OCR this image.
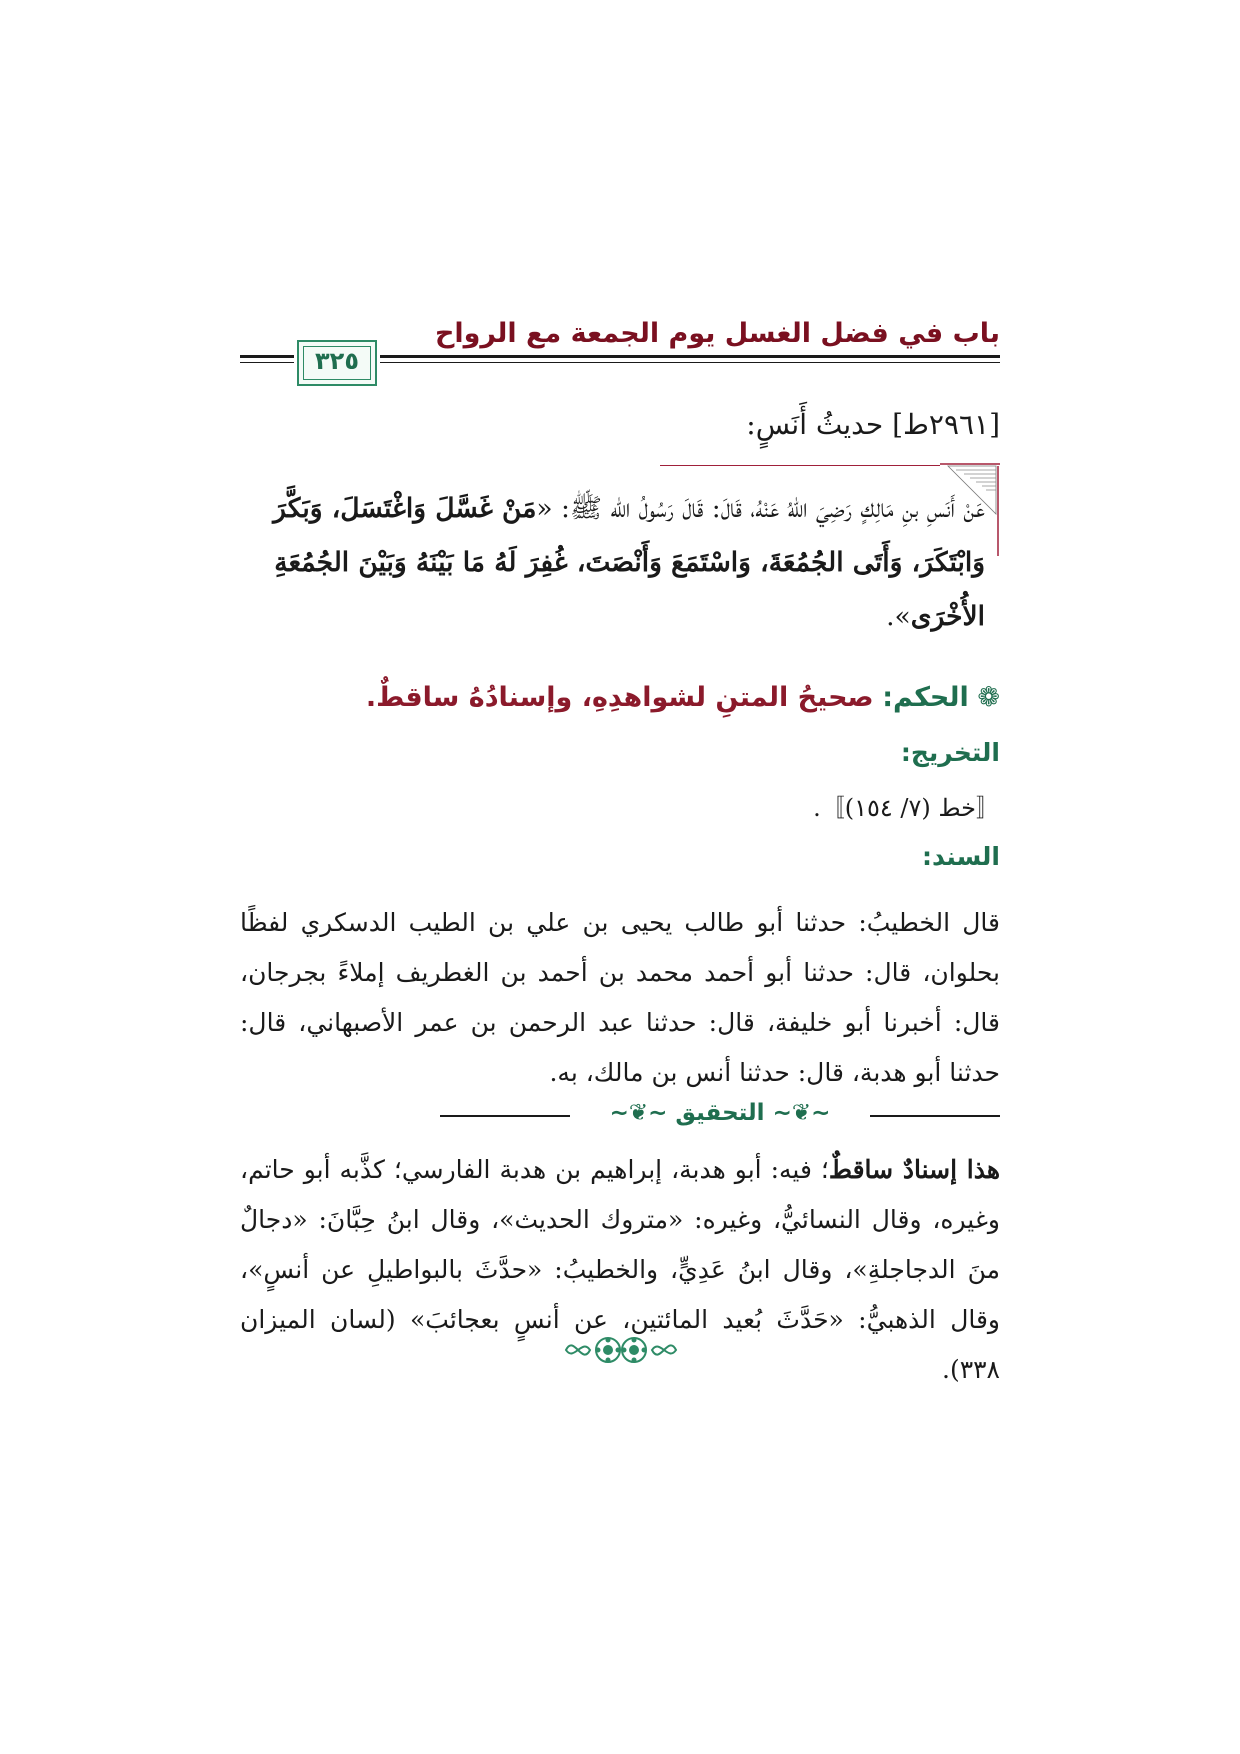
باب في فضل الغسل يوم الجمعة مع الرواح
٣٢٥
[٢٩٦١ط] حديثُ أَنَسٍ:
عَنْ أَنَسِ بنِ مَالِكٍ رَضِيَ اللهُ عَنْهُ، قَالَ: قَالَ رَسُولُ الله ﷺ: «مَنْ غَسَّلَ وَاغْتَسَلَ، وَبَكَّرَ وَابْتَكَرَ، وَأَتَى الجُمُعَةَ، وَاسْتَمَعَ وَأَنْصَتَ، غُفِرَ لَهُ مَا بَيْنَهُ وَبَيْنَ الجُمُعَةِ الأُخْرَى».
❁ الحكم: صحيحُ المتنِ لشواهدِهِ، وإسنادُهُ ساقطٌ.
التخريج:
〚خط (٧/ ١٥٤)〛.
السند:
قال الخطيبُ: حدثنا أبو طالب يحيى بن علي بن الطيب الدسكري لفظًا بحلوان، قال: حدثنا أبو أحمد محمد بن أحمد بن الغطريف إملاءً بجرجان، قال: أخبرنا أبو خليفة، قال: حدثنا عبد الرحمن بن عمر الأصبهاني، قال: حدثنا أبو هدبة، قال: حدثنا أنس بن مالك، به.
~❦~ التحقيق ~❦~
هذا إسنادٌ ساقطٌ؛ فيه: أبو هدبة، إبراهيم بن هدبة الفارسي؛ كذَّبه أبو حاتم، وغيره، وقال النسائيُّ، وغيره: «متروك الحديث»، وقال ابنُ حِبَّانَ: «دجالٌ منَ الدجاجلةِ»، وقال ابنُ عَدِيٍّ، والخطيبُ: «حدَّثَ بالبواطيلِ عن أنسٍ»، وقال الذهبيُّ: «حَدَّثَ بُعيد المائتين، عن أنسٍ بعجائبَ» (لسان الميزان ٣٣٨).
